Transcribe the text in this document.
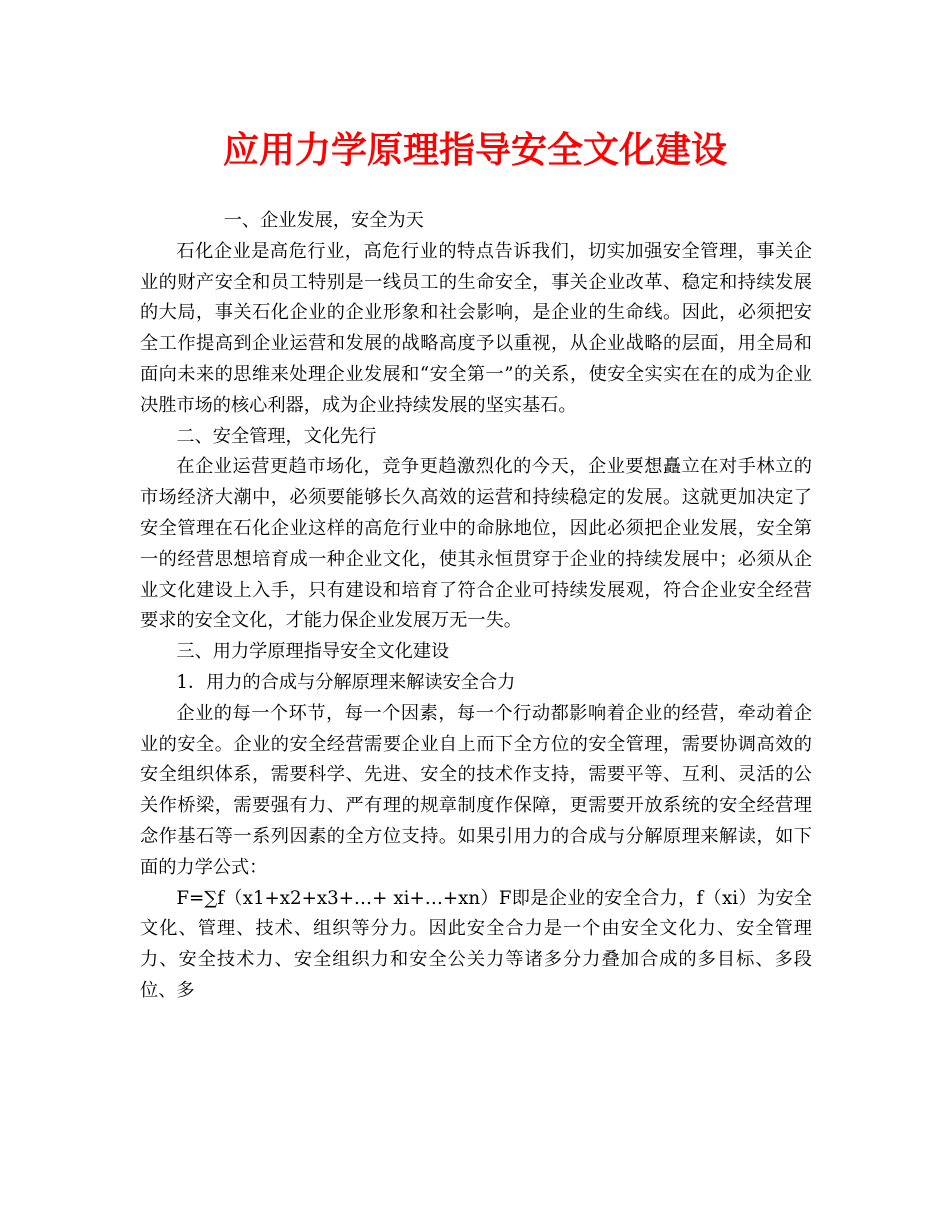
应用力学原理指导安全文化建设

一、企业发展，安全为天

石化企业是高危行业，高危行业的特点告诉我们，切实加强安全管理，事关企业的财产安全和员工特别是一线员工的生命安全，事关企业改革、稳定和持续发展的大局，事关石化企业的企业形象和社会影响，是企业的生命线。因此，必须把安全工作提高到企业运营和发展的战略高度予以重视，从企业战略的层面，用全局和面向未来的思维来处理企业发展和“安全第一”的关系，使安全实实在在的成为企业决胜市场的核心利器，成为企业持续发展的坚实基石。

二、安全管理，文化先行

在企业运营更趋市场化，竞争更趋激烈化的今天，企业要想矗立在对手林立的市场经济大潮中，必须要能够长久高效的运营和持续稳定的发展。这就更加决定了安全管理在石化企业这样的高危行业中的命脉地位，因此必须把企业发展，安全第一的经营思想培育成一种企业文化，使其永恒贯穿于企业的持续发展中；必须从企业文化建设上入手，只有建设和培育了符合企业可持续发展观，符合企业安全经营要求的安全文化，才能力保企业发展万无一失。

三、用力学原理指导安全文化建设

1．用力的合成与分解原理来解读安全合力

企业的每一个环节，每一个因素，每一个行动都影响着企业的经营，牵动着企业的安全。企业的安全经营需要企业自上而下全方位的安全管理，需要协调高效的安全组织体系，需要科学、先进、安全的技术作支持，需要平等、互利、灵活的公关作桥梁，需要强有力、严有理的规章制度作保障，更需要开放系统的安全经营理念作基石等一系列因素的全方位支持。如果引用力的合成与分解原理来解读，如下面的力学公式：

F=∑f（x1+x2+x3+…+ xi+…+xn）F即是企业的安全合力，f（xi）为安全文化、管理、技术、组织等分力。因此安全合力是一个由安全文化力、安全管理力、安全技术力、安全组织力和安全公关力等诸多分力叠加合成的多目标、多段位、多
